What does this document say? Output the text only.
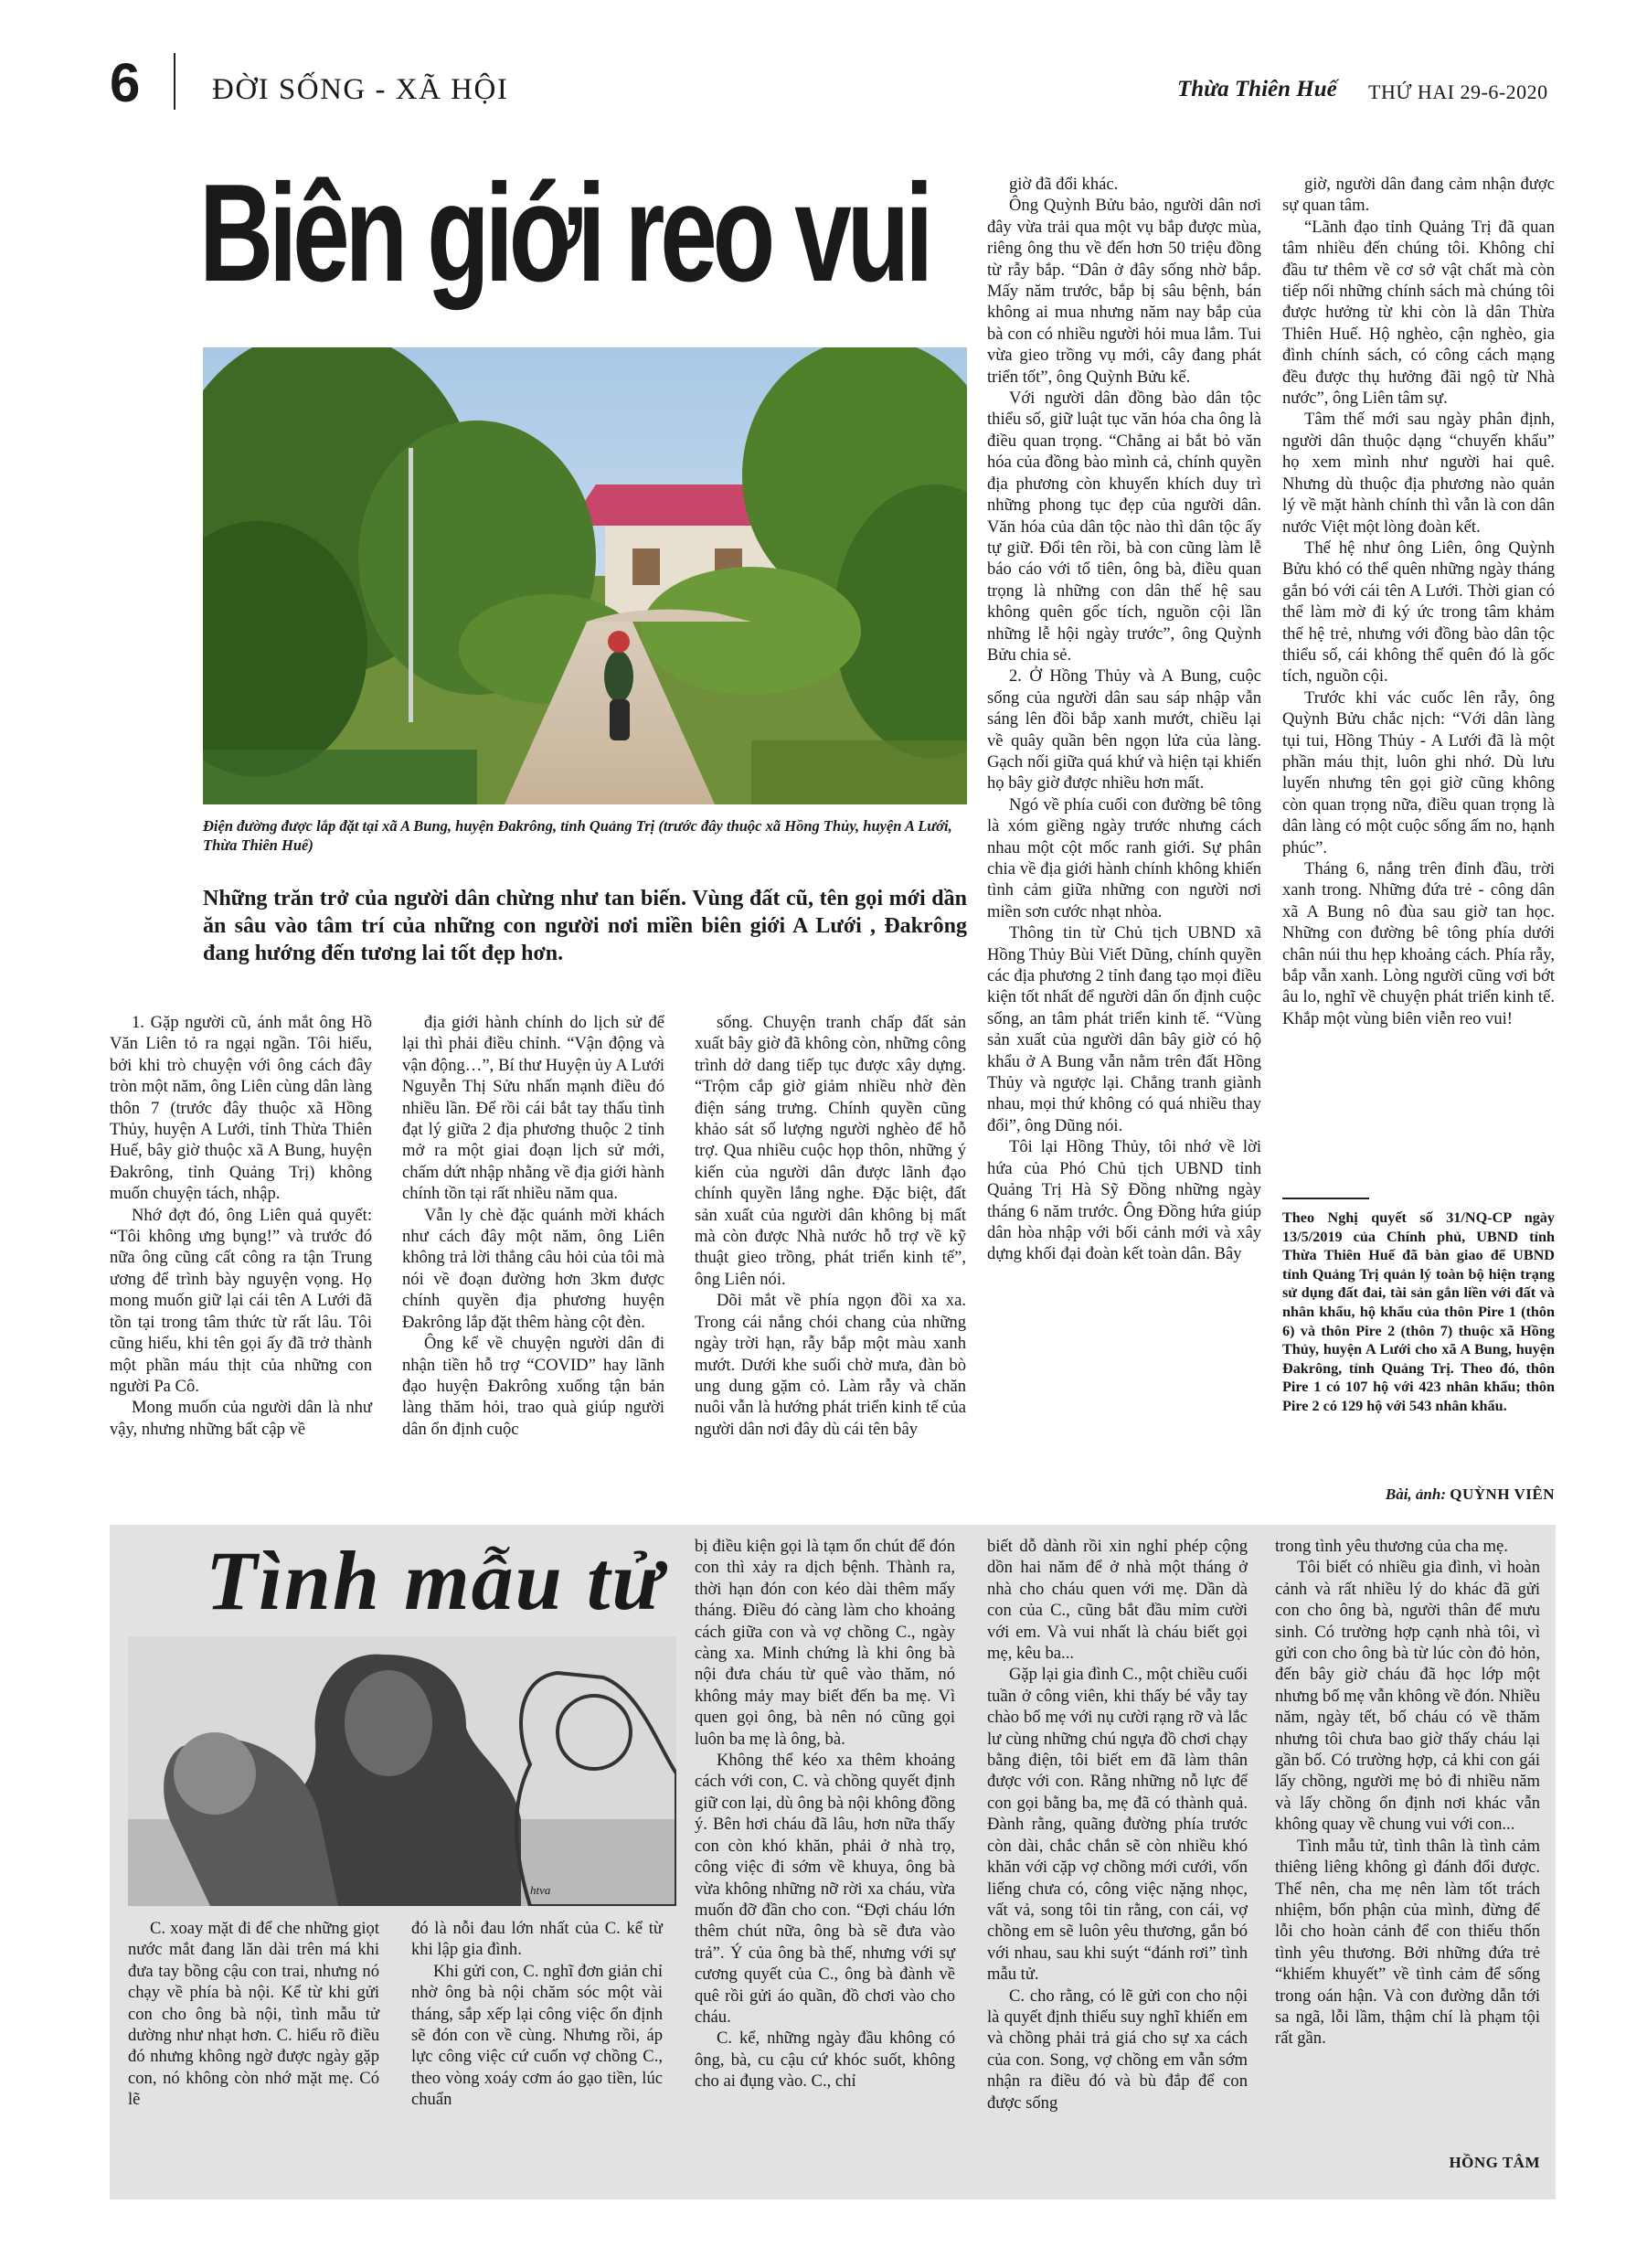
6 ĐỜI SỐNG - XÃ HỘI	Thừa Thiên Huế THỨ HAI 29-6-2020
Biên giới reo vui
Điện đường được lắp đặt tại xã A Bung, huyện Đakrông, tỉnh Quảng Trị (trước đây thuộc xã Hồng Thủy, huyện A Lưới, Thừa Thiên Huế)
Những trăn trở của người dân chừng như tan biến. Vùng đất cũ, tên gọi mới dần ăn sâu vào tâm trí của những con người nơi miền biên giới A Lưới , Đakrông đang hướng đến tương lai tốt đẹp hơn.

1. Gặp người cũ, ánh mắt ông Hồ Văn Liên tỏ ra ngại ngần. Tôi hiểu, bởi khi trò chuyện với ông cách đây tròn một năm, ông Liên cùng dân làng thôn 7 (trước đây thuộc xã Hồng Thủy, huyện A Lưới, tỉnh Thừa Thiên Huế, bây giờ thuộc xã A Bung, huyện Đakrông, tỉnh Quảng Trị) không muốn chuyện tách, nhập.

Nhớ đợt đó, ông Liên quả quyết: “Tôi không ưng bụng!” và trước đó nữa ông cũng cất công ra tận Trung ương để trình bày nguyện vọng. Họ mong muốn giữ lại cái tên A Lưới đã tồn tại trong tâm thức từ rất lâu. Tôi cũng hiểu, khi tên gọi ấy đã trở thành một phần máu thịt của những con người Pa Cô.

Mong muốn của người dân là như vậy, nhưng những bất cập về

địa giới hành chính do lịch sử để lại thì phải điều chỉnh. “Vận động và vận động…”, Bí thư Huyện ủy A Lưới Nguyễn Thị Sửu nhấn mạnh điều đó nhiều lần. Để rồi cái bắt tay thấu tình đạt lý giữa 2 địa phương thuộc 2 tỉnh mở ra một giai đoạn lịch sử mới, chấm dứt nhập nhằng về địa giới hành chính tồn tại rất nhiều năm qua.

Vẫn ly chè đặc quánh mời khách như cách đây một năm, ông Liên không trả lời thẳng câu hỏi của tôi mà nói về đoạn đường hơn 3km được chính quyền địa phương huyện Đakrông lắp đặt thêm hàng cột đèn.

Ông kể về chuyện người dân đi nhận tiền hỗ trợ “COVID” hay lãnh đạo huyện Đakrông xuống tận bản làng thăm hỏi, trao quà giúp người dân ổn định cuộc

sống. Chuyện tranh chấp đất sản xuất bây giờ đã không còn, những công trình dở dang tiếp tục được xây dựng. “Trộm cắp giờ giảm nhiều nhờ đèn điện sáng trưng. Chính quyền cũng khảo sát số lượng người nghèo để hỗ trợ. Qua nhiều cuộc họp thôn, những ý kiến của người dân được lãnh đạo chính quyền lắng nghe. Đặc biệt, đất sản xuất của người dân không bị mất mà còn được Nhà nước hỗ trợ về kỹ thuật gieo trồng, phát triển kinh tế”, ông Liên nói.

Dõi mắt về phía ngọn đồi xa xa. Trong cái nắng chói chang của những ngày trời hạn, rẫy bắp một màu xanh mướt. Dưới khe suối chờ mưa, đàn bò ung dung gặm cỏ. Làm rẫy và chăn nuôi vẫn là hướng phát triển kinh tế của người dân nơi đây dù cái tên bây

giờ đã đổi khác.

Ông Quỳnh Bửu bảo, người dân nơi đây vừa trải qua một vụ bắp được mùa, riêng ông thu về đến hơn 50 triệu đồng từ rẫy bắp. “Dân ở đây sống nhờ bắp. Mấy năm trước, bắp bị sâu bệnh, bán không ai mua nhưng năm nay bắp của bà con có nhiều người hỏi mua lắm. Tui vừa gieo trồng vụ mới, cây đang phát triển tốt”, ông Quỳnh Bửu kể.

Với người dân đồng bào dân tộc thiểu số, giữ luật tục văn hóa cha ông là điều quan trọng. “Chẳng ai bắt bỏ văn hóa của đồng bào mình cả, chính quyền địa phương còn khuyến khích duy trì những phong tục đẹp của người dân. Văn hóa của dân tộc nào thì dân tộc ấy tự giữ. Đổi tên rồi, bà con cũng làm lễ báo cáo với tổ tiên, ông bà, điều quan trọng là những con dân thế hệ sau không quên gốc tích, nguồn cội lần những lễ hội ngày trước”, ông Quỳnh Bửu chia sẻ.

2. Ở Hồng Thủy và A Bung, cuộc sống của người dân sau sáp nhập vẫn sáng lên đồi bắp xanh mướt, chiều lại về quây quần bên ngọn lửa của làng. Gạch nối giữa quá khứ và hiện tại khiến họ bây giờ được nhiều hơn mất.

Ngó về phía cuối con đường bê tông là xóm giềng ngày trước nhưng cách nhau một cột mốc ranh giới. Sự phân chia về địa giới hành chính không khiến tình cảm giữa những con người nơi miền sơn cước nhạt nhòa.

Thông tin từ Chủ tịch UBND xã Hồng Thủy Bùi Viết Dũng, chính quyền các địa phương 2 tỉnh đang tạo mọi điều kiện tốt nhất để người dân ổn định cuộc sống, an tâm phát triển kinh tế. “Vùng sản xuất của người dân bây giờ có hộ khẩu ở A Bung vẫn nằm trên đất Hồng Thủy và ngược lại. Chẳng tranh giành nhau, mọi thứ không có quá nhiều thay đổi”, ông Dũng nói.

Tôi lại Hồng Thủy, tôi nhớ về lời hứa của Phó Chủ tịch UBND tỉnh Quảng Trị Hà Sỹ Đồng những ngày tháng 6 năm trước. Ông Đồng hứa giúp dân hòa nhập với bối cảnh mới và xây dựng khối đại đoàn kết toàn dân. Bây

giờ, người dân đang cảm nhận được sự quan tâm.

“Lãnh đạo tỉnh Quảng Trị đã quan tâm nhiều đến chúng tôi. Không chỉ đầu tư thêm về cơ sở vật chất mà còn tiếp nối những chính sách mà chúng tôi được hưởng từ khi còn là dân Thừa Thiên Huế. Hộ nghèo, cận nghèo, gia đình chính sách, có công cách mạng đều được thụ hưởng đãi ngộ từ Nhà nước”, ông Liên tâm sự.

Tâm thế mới sau ngày phân định, người dân thuộc dạng “chuyển khẩu” họ xem mình như người hai quê. Nhưng dù thuộc địa phương nào quản lý về mặt hành chính thì vẫn là con dân nước Việt một lòng đoàn kết.

Thế hệ như ông Liên, ông Quỳnh Bửu khó có thể quên những ngày tháng gắn bó với cái tên A Lưới. Thời gian có thể làm mờ đi ký ức trong tâm khảm thế hệ trẻ, nhưng với đồng bào dân tộc thiểu số, cái không thể quên đó là gốc tích, nguồn cội.

Trước khi vác cuốc lên rẫy, ông Quỳnh Bửu chắc nịch: “Với dân làng tụi tui, Hồng Thủy - A Lưới đã là một phần máu thịt, luôn ghi nhớ. Dù lưu luyến nhưng tên gọi giờ cũng không còn quan trọng nữa, điều quan trọng là dân làng có một cuộc sống ấm no, hạnh phúc”.

Tháng 6, nắng trên đỉnh đầu, trời xanh trong. Những đứa trẻ - công dân xã A Bung nô đùa sau giờ tan học. Những con đường bê tông phía dưới chân núi thu hẹp khoảng cách. Phía rẫy, bắp vẫn xanh. Lòng người cũng vơi bớt âu lo, nghĩ về chuyện phát triển kinh tế. Khắp một vùng biên viễn reo vui!

Theo Nghị quyết số 31/NQ-CP ngày 13/5/2019 của Chính phủ, UBND tỉnh Thừa Thiên Huế đã bàn giao để UBND tỉnh Quảng Trị quản lý toàn bộ hiện trạng sử dụng đất đai, tài sản gắn liền với đất và nhân khẩu, hộ khẩu của thôn Pire 1 (thôn 6) và thôn Pire 2 (thôn 7) thuộc xã Hồng Thủy, huyện A Lưới cho xã A Bung, huyện Đakrông, tỉnh Quảng Trị. Theo đó, thôn Pire 1 có 107 hộ với 423 nhân khẩu; thôn Pire 2 có 129 hộ với 543 nhân khẩu.
Bài, ảnh: QUỲNH VIÊN
Tình mẫu tử
htva

C. xoay mặt đi để che những giọt nước mắt đang lăn dài trên má khi đưa tay bồng cậu con trai, nhưng nó chạy về phía bà nội. Kể từ khi gửi con cho ông bà nội, tình mẫu tử dường như nhạt hơn. C. hiểu rõ điều đó nhưng không ngờ được ngày gặp con, nó không còn nhớ mặt mẹ. Có lẽ

đó là nỗi đau lớn nhất của C. kể từ khi lập gia đình.

Khi gửi con, C. nghĩ đơn giản chỉ nhờ ông bà nội chăm sóc một vài tháng, sắp xếp lại công việc ổn định sẽ đón con về cùng. Nhưng rồi, áp lực công việc cứ cuốn vợ chồng C., theo vòng xoáy cơm áo gạo tiền, lúc chuẩn

bị điều kiện gọi là tạm ổn chút để đón con thì xảy ra dịch bệnh. Thành ra, thời hạn đón con kéo dài thêm mấy tháng. Điều đó càng làm cho khoảng cách giữa con và vợ chồng C., ngày càng xa. Minh chứng là khi ông bà nội đưa cháu từ quê vào thăm, nó không mảy may biết đến ba mẹ. Vì quen gọi ông, bà nên nó cũng gọi luôn ba mẹ là ông, bà.

Không thể kéo xa thêm khoảng cách với con, C. và chồng quyết định giữ con lại, dù ông bà nội không đồng ý. Bên hơi cháu đã lâu, hơn nữa thấy con còn khó khăn, phải ở nhà trọ, công việc đi sớm về khuya, ông bà vừa không những nỡ rời xa cháu, vừa muốn đỡ đần cho con. “Đợi cháu lớn thêm chút nữa, ông bà sẽ đưa vào trả”. Ý của ông bà thế, nhưng với sự cương quyết của C., ông bà đành về quê rồi gửi áo quần, đồ chơi vào cho cháu.

C. kể, những ngày đầu không có ông, bà, cu cậu cứ khóc suốt, không cho ai đụng vào. C., chỉ

biết dỗ dành rồi xin nghỉ phép cộng dồn hai năm để ở nhà một tháng ở nhà cho cháu quen với mẹ. Dần dà con của C., cũng bắt đầu mỉm cười với em. Và vui nhất là cháu biết gọi mẹ, kêu ba...

Gặp lại gia đình C., một chiều cuối tuần ở công viên, khi thấy bé vẫy tay chào bố mẹ với nụ cười rạng rỡ và lắc lư cùng những chú ngựa đồ chơi chạy bằng điện, tôi biết em đã làm thân được với con. Rằng những nỗ lực để con gọi bằng ba, mẹ đã có thành quả. Đành rằng, quãng đường phía trước còn dài, chắc chắn sẽ còn nhiều khó khăn với cặp vợ chồng mới cưới, vốn liếng chưa có, công việc nặng nhọc, vất vả, song tôi tin rằng, con cái, vợ chồng em sẽ luôn yêu thương, gắn bó với nhau, sau khi suýt “đánh rơi” tình mẫu tử.

C. cho rằng, có lẽ gửi con cho nội là quyết định thiếu suy nghĩ khiến em và chồng phải trả giá cho sự xa cách của con. Song, vợ chồng em vẫn sớm nhận ra điều đó và bù đắp để con được sống

trong tình yêu thương của cha mẹ.

Tôi biết có nhiều gia đình, vì hoàn cảnh và rất nhiều lý do khác đã gửi con cho ông bà, người thân để mưu sinh. Có trường hợp cạnh nhà tôi, vì gửi con cho ông bà từ lúc còn đỏ hỏn, đến bây giờ cháu đã học lớp một nhưng bố mẹ vẫn không về đón. Nhiều năm, ngày tết, bố cháu có về thăm nhưng tôi chưa bao giờ thấy cháu lại gần bố. Có trường hợp, cả khi con gái lấy chồng, người mẹ bỏ đi nhiều năm và lấy chồng ổn định nơi khác vẫn không quay về chung vui với con...

Tình mẫu tử, tình thân là tình cảm thiêng liêng không gì đánh đổi được. Thế nên, cha mẹ nên làm tốt trách nhiệm, bổn phận của mình, đừng để lỗi cho hoàn cảnh để con thiếu thốn tình yêu thương. Bởi những đứa trẻ “khiếm khuyết” về tình cảm để sống trong oán hận. Và con đường dẫn tới sa ngã, lỗi lầm, thậm chí là phạm tội rất gần.

HỒNG TÂM
